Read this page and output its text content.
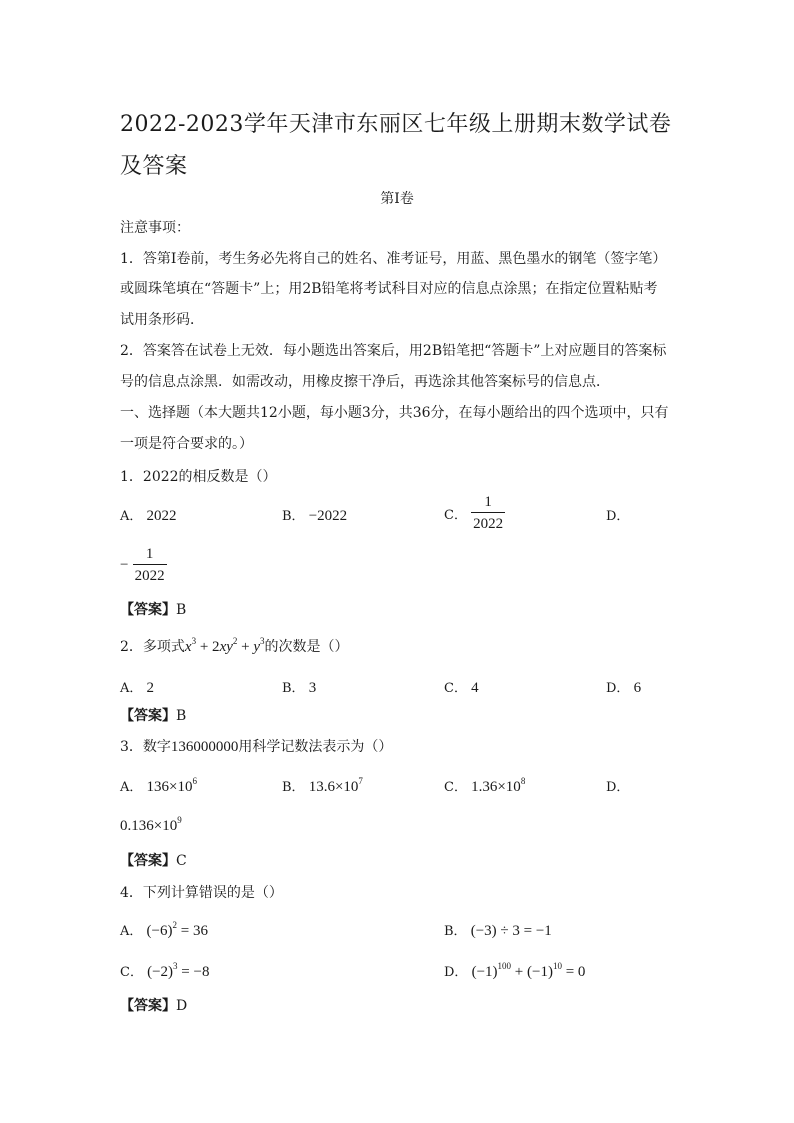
2022-2023学年天津市东丽区七年级上册期末数学试卷及答案
第Ⅰ卷
注意事项：
1．答第Ⅰ卷前，考生务必先将自己的姓名、准考证号，用蓝、黑色墨水的钢笔（签字笔）
或圆珠笔填在“答题卡”上；用2B铅笔将考试科目对应的信息点涂黑；在指定位置粘贴考
试用条形码．
2．答案答在试卷上无效．每小题选出答案后，用2B铅笔把“答题卡”上对应题目的答案标
号的信息点涂黑．如需改动，用橡皮擦干净后，再选涂其他答案标号的信息点．
一、选择题（本大题共12小题，每小题3分，共36分，在每小题给出的四个选项中，只有
一项是符合要求的。）
1．2022的相反数是（）
A． 2022	B． −2022	C． $\frac{1}{2022}$	D．
− $\frac{1}{2022}$
【答案】B
2．多项式$x^3 + 2xy^2 + y^3$的次数是（）
A． 2	B． 3	C． 4	D． 6
【答案】B
3．数字136000000用科学记数法表示为（）
A． $136\times 10^6$	B． $13.6\times 10^7$	C． $1.36\times 10^8$	D．
$0.136\times 10^9$
【答案】C
4．下列计算错误的是（）
A． $(-6)^2 = 36$	B． (−3) ÷ 3 = −1
C． $(-2)^3 = -8$	D． $(-1)^{100} + (-1)^{10} = 0$
【答案】D
